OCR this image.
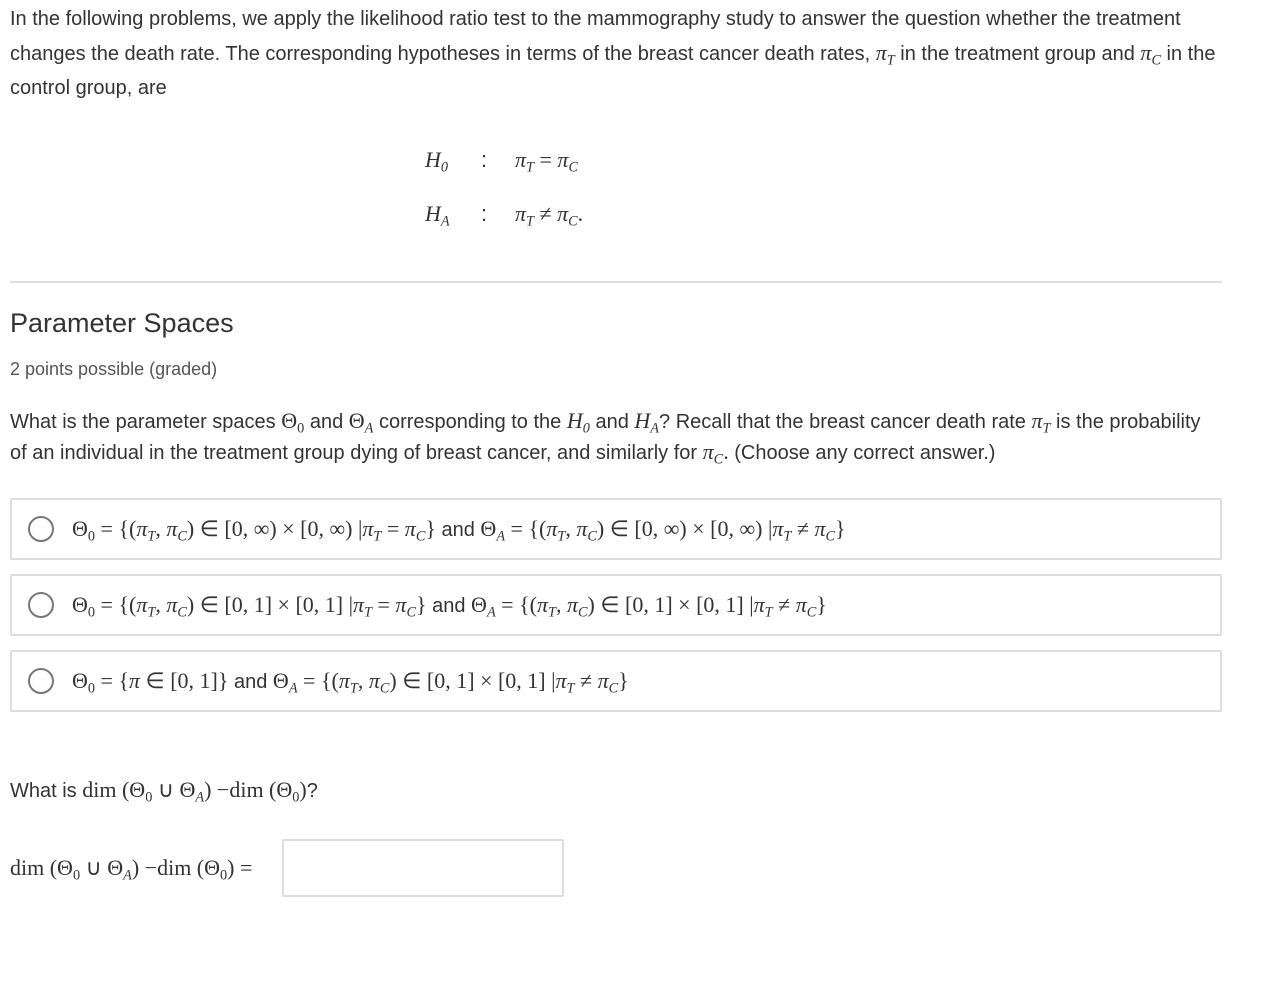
In the following problems, we apply the likelihood ratio test to the mammography study to answer the question whether the treatment changes the death rate. The corresponding hypotheses in terms of the breast cancer death rates, $\pi_T$ in the treatment group and $\pi_C$ in the control group, are
$H_0$	:	$\pi_T = \pi_C$
$H_A$	:	$\pi_T \ne \pi_C$.
Parameter Spaces
2 points possible (graded)
What is the parameter spaces $\Theta_0$ and $\Theta_A$ corresponding to the $H_0$ and $H_A$? Recall that the breast cancer death rate $\pi_T$ is the probability of an individual in the treatment group dying of breast cancer, and similarly for $\pi_C$. (Choose any correct answer.)
$\Theta_0 = \{(\pi_T$, $\pi_C$) ∈ [0, ∞) × [0, ∞) $|\pi_T = \pi_C$} and $\Theta_A = \{(\pi_T$, $\pi_C$) ∈ [0, ∞) × [0, ∞) $|\pi_T \ne \pi_C$}
$\Theta_0 = \{(\pi_T$, $\pi_C$) ∈ [0, 1] × [0, 1] $|\pi_T = \pi_C$} and $\Theta_A = \{(\pi_T$, $\pi_C$) ∈ [0, 1] × [0, 1] $|\pi_T \ne \pi_C$}
$\Theta_0 = \{\pi$ ∈ [0, 1]} and $\Theta_A = \{(\pi_T$, $\pi_C$) ∈ [0, 1] × [0, 1] $|\pi_T \ne \pi_C$}
What is dim ($\Theta_0$ ∪ $\Theta_A) -dim$ $(\Theta_0)$?
dim ($\Theta_0$ ∪ $\Theta_A) -dim$ $(\Theta_0)$ =
